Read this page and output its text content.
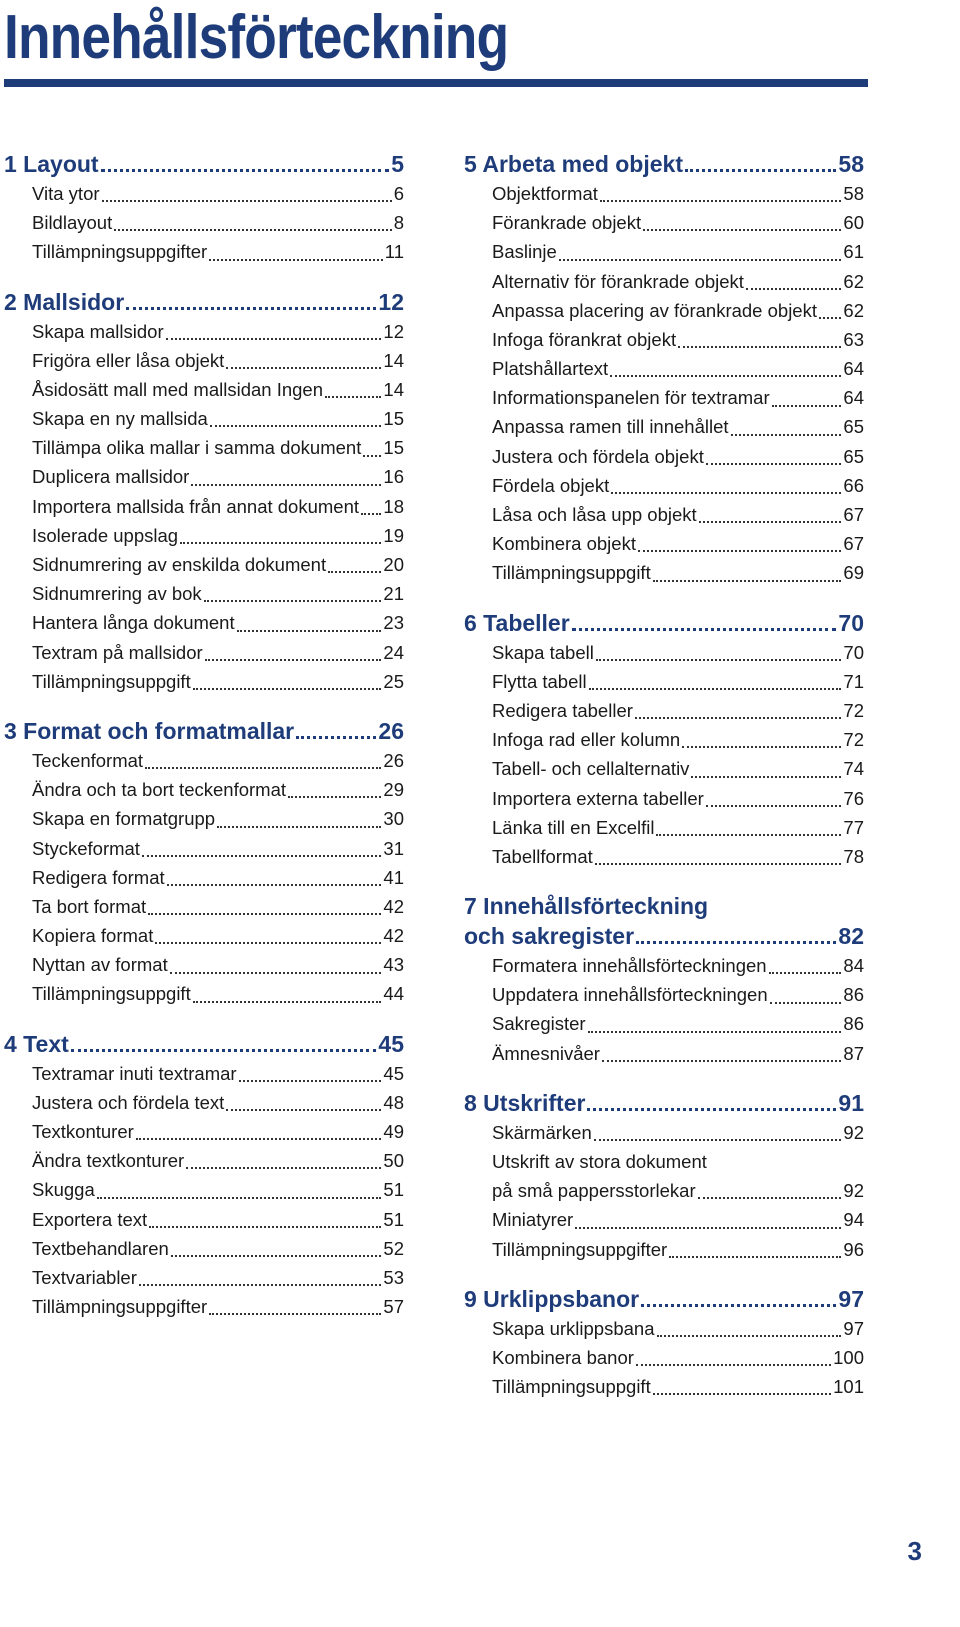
Innehållsförteckning
1 Layout	5
Vita ytor	6
Bildlayout	8
Tillämpningsuppgifter	11
2 Mallsidor	12
Skapa mallsidor	12
Frigöra eller låsa objekt	14
Åsidosätt mall med mallsidan Ingen	14
Skapa en ny mallsida	15
Tillämpa olika mallar i samma dokument 15
Duplicera mallsidor	16
Importera mallsida från annat dokument 18
Isolerade uppslag	19
Sidnumrering av enskilda dokument	20
Sidnumrering av bok	21
Hantera långa dokument	23
Textram på mallsidor	24
Tillämpningsuppgift	25
3 Format och formatmallar	26
Teckenformat	26
Ändra och ta bort teckenformat	29
Skapa en formatgrupp	30
Styckeformat	31
Redigera format	41
Ta bort format	42
Kopiera format	42
Nyttan av format	43
Tillämpningsuppgift	44
4 Text	45
Textramar inuti textramar	45
Justera och fördela text	48
Textkonturer	49
Ändra textkonturer	50
Skugga	51
Exportera text	51
Textbehandlaren	52
Textvariabler	53
Tillämpningsuppgifter	57
5 Arbeta med objekt	58
Objektformat	58
Förankrade objekt	60
Baslinje	61
Alternativ för förankrade objekt	62
Anpassa placering av förankrade objekt 62
Infoga förankrat objekt	63
Platshållartext	64
Informationspanelen för textramar	64
Anpassa ramen till innehållet	65
Justera och fördela objekt	65
Fördela objekt	66
Låsa och låsa upp objekt	67
Kombinera objekt	67
Tillämpningsuppgift	69
6 Tabeller	70
Skapa tabell	70
Flytta tabell	71
Redigera tabeller	72
Infoga rad eller kolumn	72
Tabell- och cellalternativ	74
Importera externa tabeller	76
Länka till en Excelfil	77
Tabellformat	78
7 Innehållsförteckning
och sakregister	82
Formatera innehållsförteckningen	84
Uppdatera innehållsförteckningen	86
Sakregister	86
Ämnesnivåer	87
8 Utskrifter	91
Skärmärken	92
Utskrift av stora dokument
på små pappersstorlekar	92
Miniatyrer	94
Tillämpningsuppgifter	96
9 Urklippsbanor	97
Skapa urklippsbana	97
Kombinera banor	100
Tillämpningsuppgift	101
3
